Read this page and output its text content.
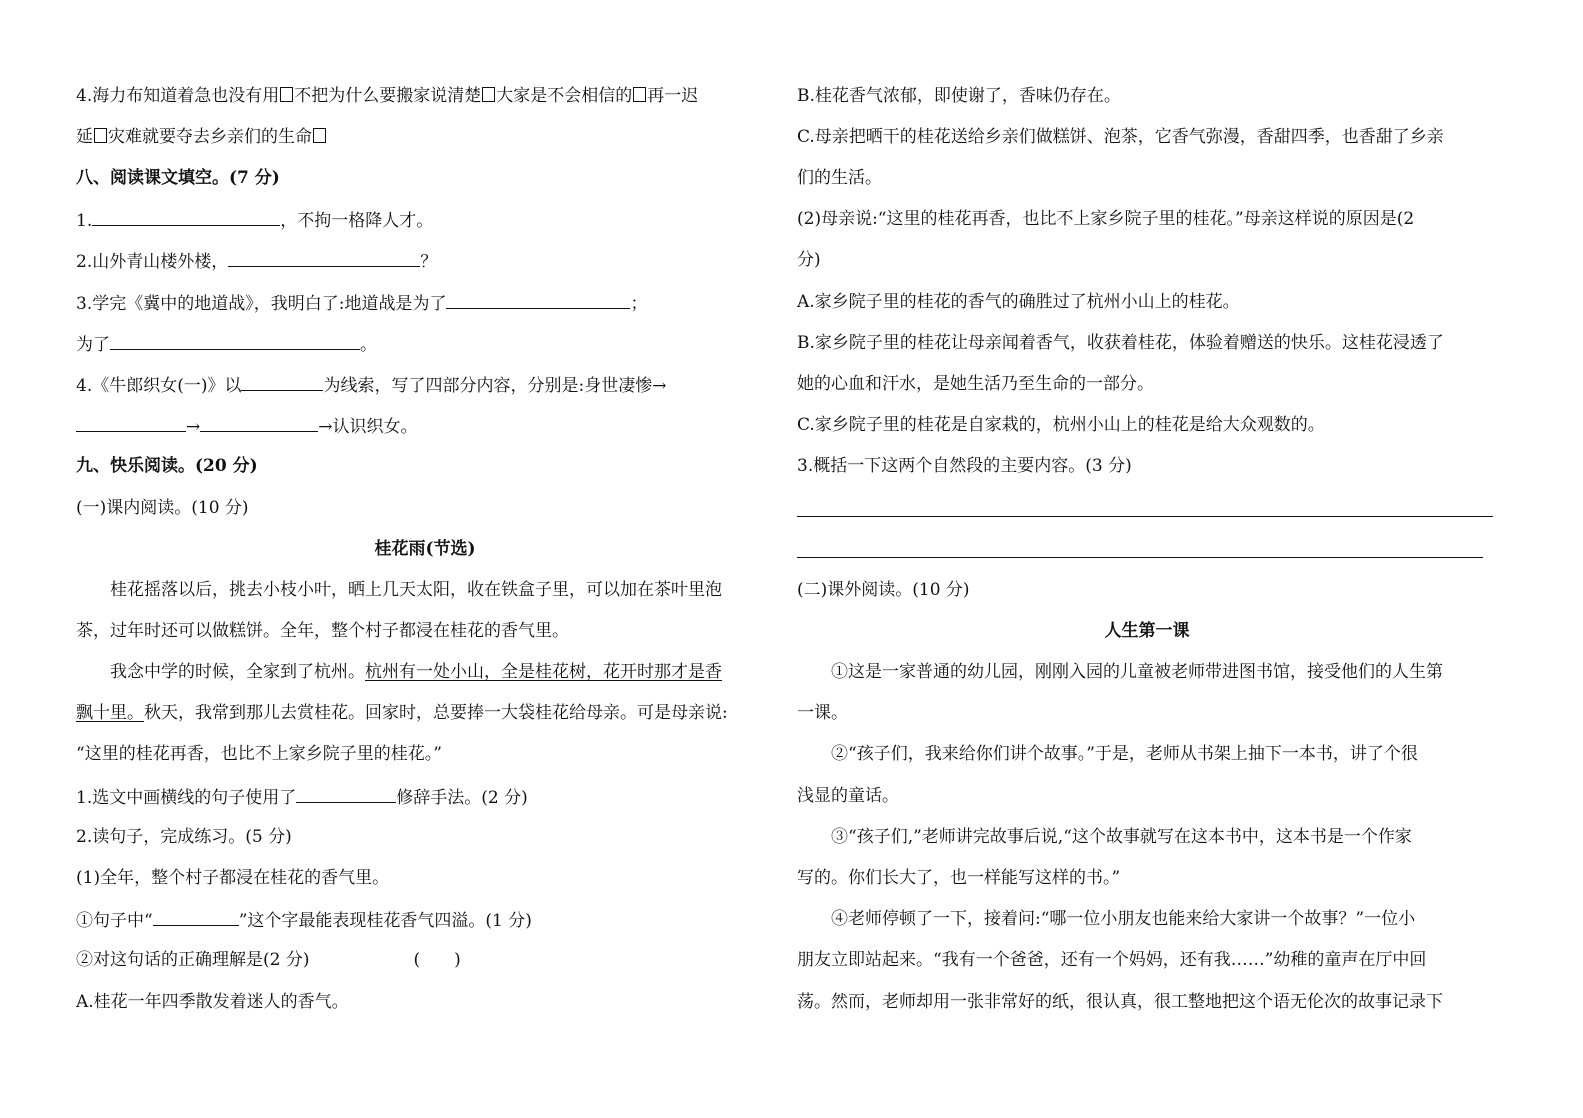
4.海力布知道着急也没有用 不把为什么要搬家说清楚 大家是不会相信的 再一迟
延 灾难就要夺去乡亲们的生命
八、阅读课文填空。(7 分)
1.	，不拘一格降人才。
2.山外青山楼外楼，	？
3.学完《冀中的地道战》，我明白了:地道战是为了	；
为了	。
4.《牛郎织女(一)》以	为线索，写了四部分内容，分别是:身世凄惨→
→	→认识织女。
九、快乐阅读。(20 分)
(一)课内阅读。(10 分)
桂花雨(节选)
桂花摇落以后，挑去小枝小叶，晒上几天太阳，收在铁盒子里，可以加在茶叶里泡
茶，过年时还可以做糕饼。全年，整个村子都浸在桂花的香气里。
我念中学的时候，全家到了杭州。杭州有一处小山，全是桂花树，花开时那才是香
飘十里。秋天，我常到那儿去赏桂花。回家时，总要捧一大袋桂花给母亲。可是母亲说:
“这里的桂花再香，也比不上家乡院子里的桂花。”
1.选文中画横线的句子使用了	修辞手法。(2 分)
2.读句子，完成练习。(5 分)
(1)全年，整个村子都浸在桂花的香气里。
①句子中“	”这个字最能表现桂花香气四溢。(1 分)
②对这句话的正确理解是(2 分)	(　　)
A.桂花一年四季散发着迷人的香气。
B.桂花香气浓郁，即使谢了，香味仍存在。
C.母亲把晒干的桂花送给乡亲们做糕饼、泡茶，它香气弥漫，香甜四季，也香甜了乡亲
们的生活。
(2)母亲说:“这里的桂花再香，也比不上家乡院子里的桂花。”母亲这样说的原因是(2
分)
A.家乡院子里的桂花的香气的确胜过了杭州小山上的桂花。
B.家乡院子里的桂花让母亲闻着香气，收获着桂花，体验着赠送的快乐。这桂花浸透了
她的心血和汗水，是她生活乃至生命的一部分。
C.家乡院子里的桂花是自家栽的，杭州小山上的桂花是给大众观数的。
3.概括一下这两个自然段的主要内容。(3 分)
(二)课外阅读。(10 分)
人生第一课
①这是一家普通的幼儿园，刚刚入园的儿童被老师带进图书馆，接受他们的人生第
一课。
②“孩子们，我来给你们讲个故事。”于是，老师从书架上抽下一本书，讲了个很
浅显的童话。
③“孩子们,”老师讲完故事后说,“这个故事就写在这本书中，这本书是一个作家
写的。你们长大了，也一样能写这样的书。”
④老师停顿了一下，接着问:“哪一位小朋友也能来给大家讲一个故事？”一位小
朋友立即站起来。“我有一个爸爸，还有一个妈妈，还有我……”幼稚的童声在厅中回
荡。然而，老师却用一张非常好的纸，很认真，很工整地把这个语无伦次的故事记录下
